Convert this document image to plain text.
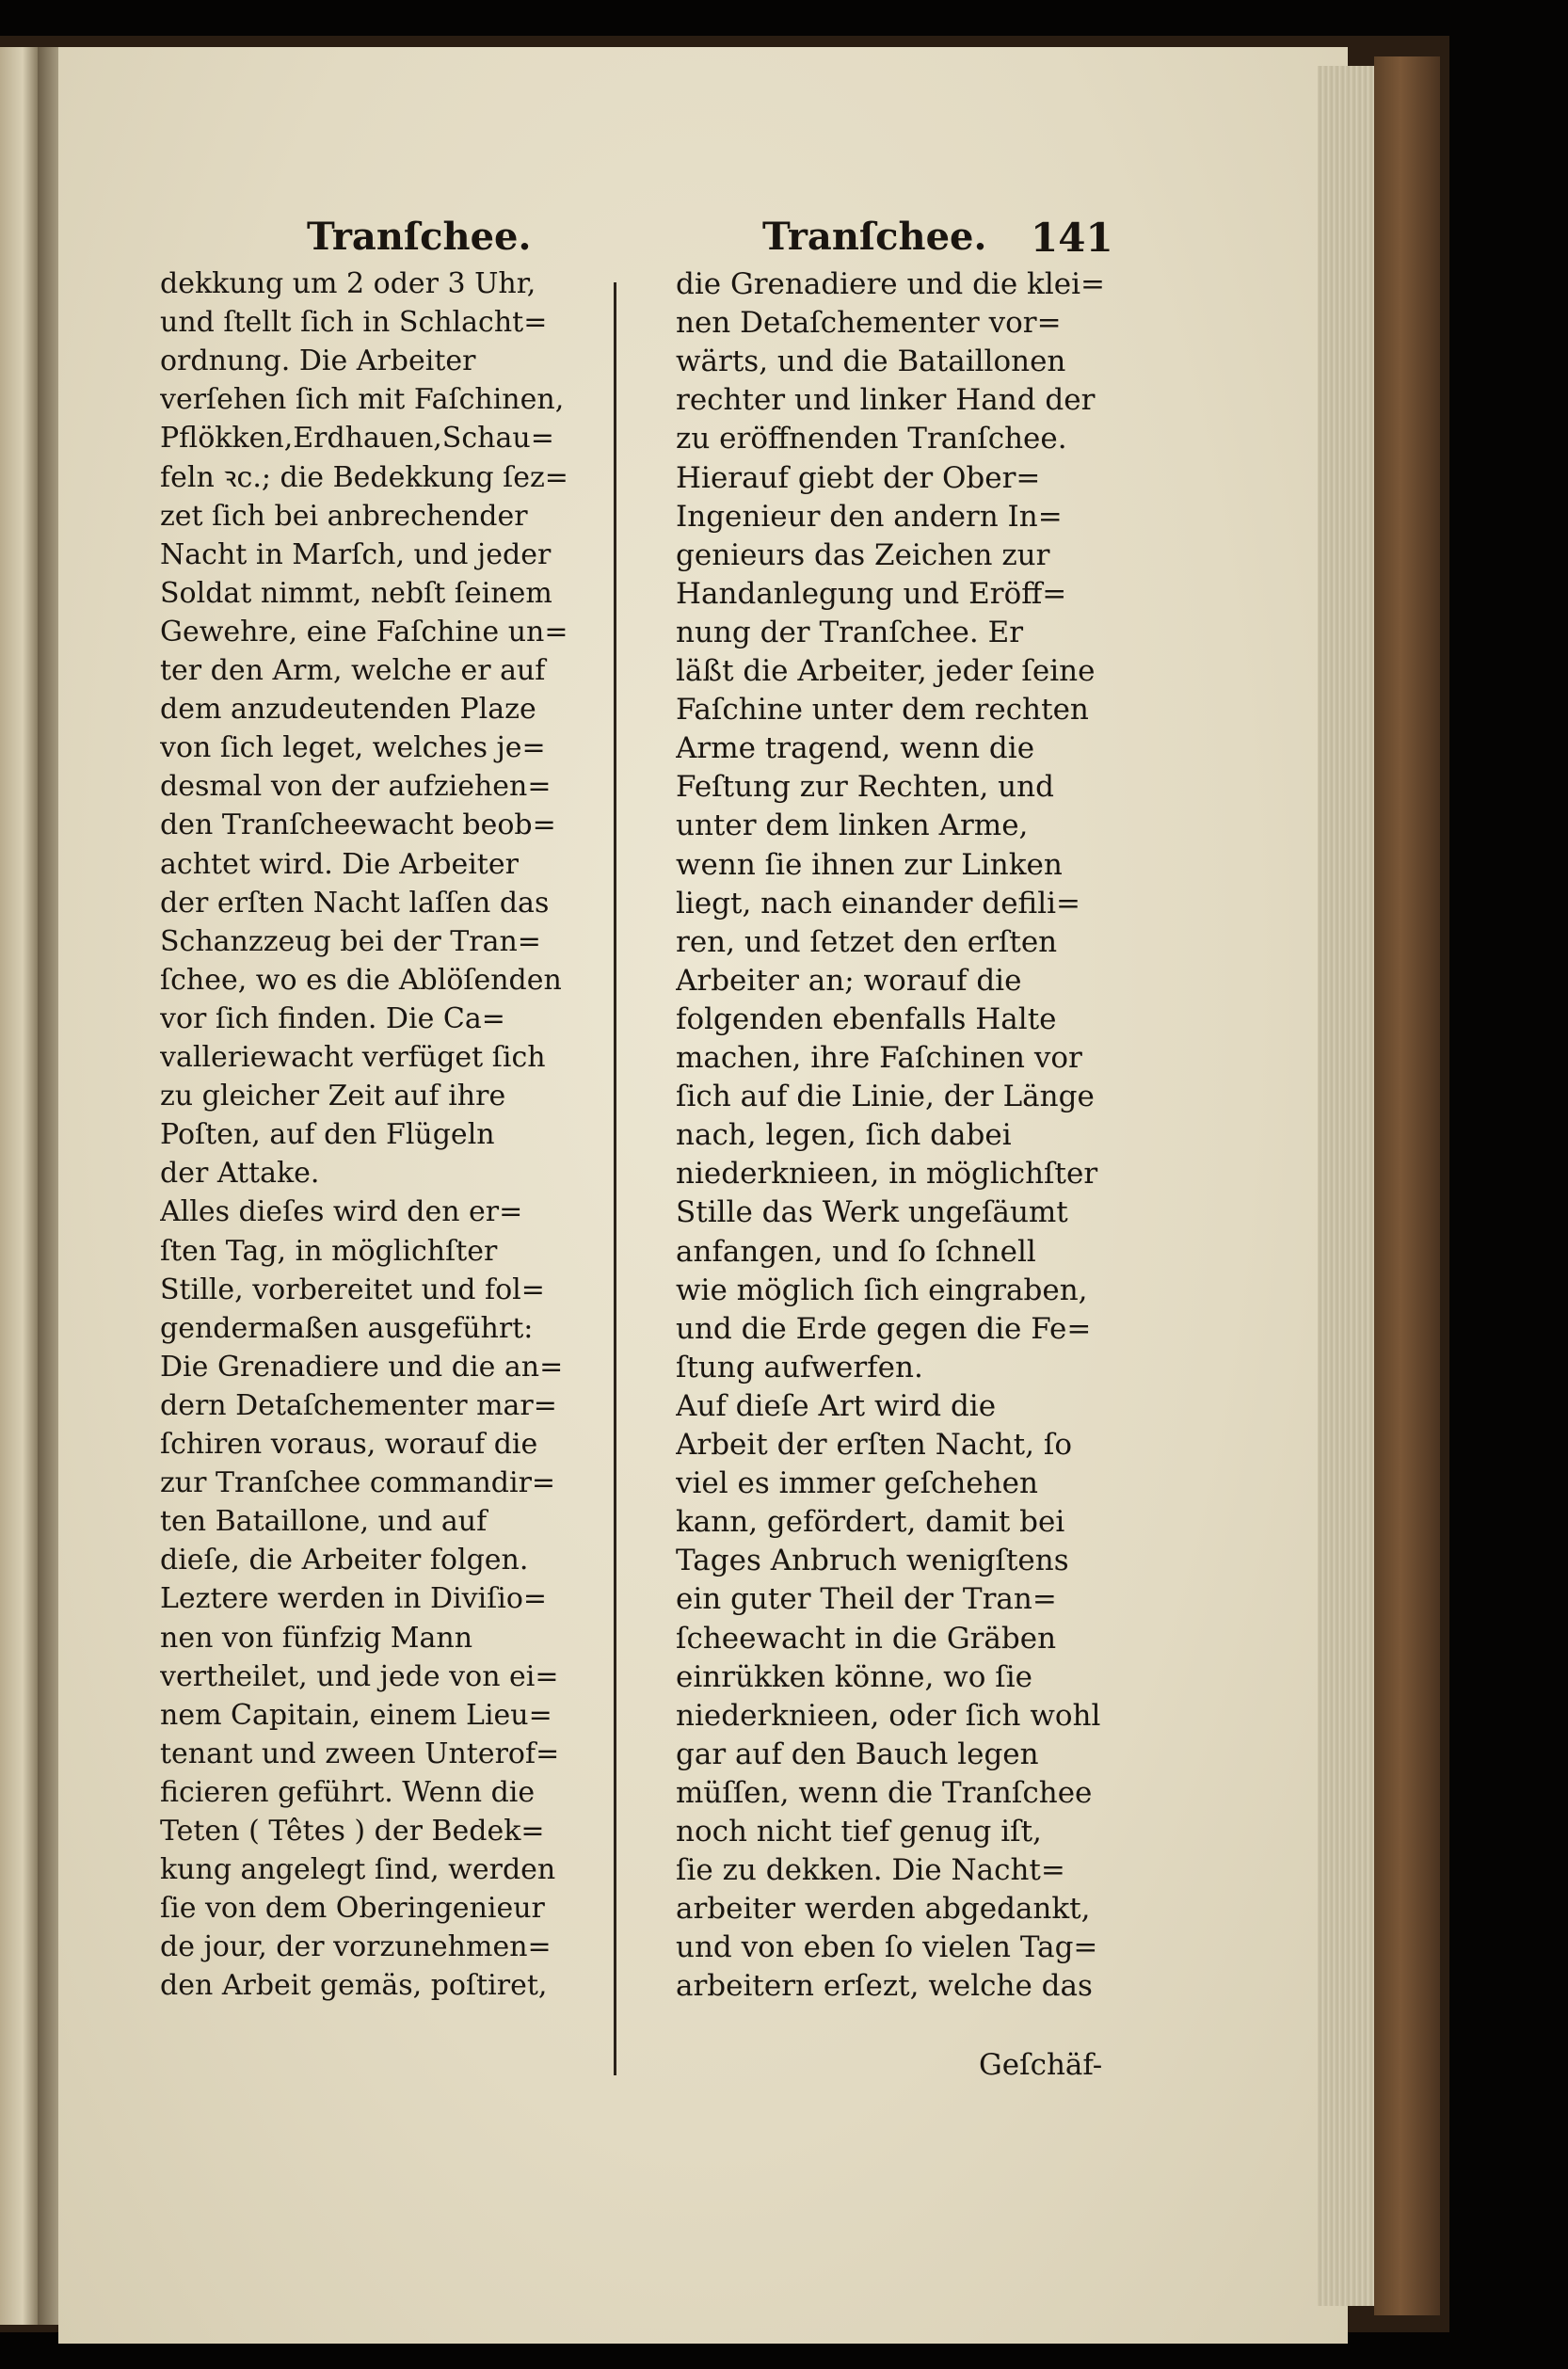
Tranſchee.	Tranſchee. 141
dekkung um 2 oder 3 Uhr,
und ſtellt ſich in Schlacht=
ordnung. Die Arbeiter
verſehen ſich mit Faſchinen,
Pflökken,Erdhauen,Schau=
feln ꝛc.; die Bedekkung ſez=
zet ſich bei anbrechender
Nacht in Marſch, und jeder
Soldat nimmt, nebſt ſeinem
Gewehre, eine Faſchine un=
ter den Arm, welche er auf
dem anzudeutenden Plaze
von ſich leget, welches je=
desmal von der aufziehen=
den Tranſcheewacht beob=
achtet wird. Die Arbeiter
der erſten Nacht laſſen das
Schanzzeug bei der Tran=
ſchee, wo es die Ablöſenden
vor ſich finden. Die Ca=
valleriewacht verfüget ſich
zu gleicher Zeit auf ihre
Poſten, auf den Flügeln
der Attake.
Alles dieſes wird den er=
ſten Tag, in möglichſter
Stille, vorbereitet und fol=
gendermaßen ausgeführt:
Die Grenadiere und die an=
dern Detaſchementer mar=
ſchiren voraus, worauf die
zur Tranſchee commandir=
ten Bataillone, und auf
dieſe, die Arbeiter folgen.
Leztere werden in Diviſio=
nen von fünfzig Mann
vertheilet, und jede von ei=
nem Capitain, einem Lieu=
tenant und zween Unterof=
ficieren geführt. Wenn die
Teten ( Têtes ) der Bedek=
kung angelegt ſind, werden
ſie von dem Oberingenieur
de jour, der vorzunehmen=
den Arbeit gemäs, poſtiret,
die Grenadiere und die klei=
nen Detaſchementer vor=
wärts, und die Bataillonen
rechter und linker Hand der
zu eröffnenden Tranſchee.
Hierauf giebt der Ober=
Ingenieur den andern In=
genieurs das Zeichen zur
Handanlegung und Eröff=
nung der Tranſchee. Er
läßt die Arbeiter, jeder ſeine
Faſchine unter dem rechten
Arme tragend, wenn die
Feſtung zur Rechten, und
unter dem linken Arme,
wenn ſie ihnen zur Linken
liegt, nach einander defili=
ren, und ſetzet den erſten
Arbeiter an; worauf die
folgenden ebenfalls Halte
machen, ihre Faſchinen vor
ſich auf die Linie, der Länge
nach, legen, ſich dabei
niederknieen, in möglichſter
Stille das Werk ungeſäumt
anfangen, und ſo ſchnell
wie möglich ſich eingraben,
und die Erde gegen die Fe=
ſtung aufwerfen.
Auf dieſe Art wird die
Arbeit der erſten Nacht, ſo
viel es immer geſchehen
kann, gefördert, damit bei
Tages Anbruch wenigſtens
ein guter Theil der Tran=
ſcheewacht in die Gräben
einrükken könne, wo ſie
niederknieen, oder ſich wohl
gar auf den Bauch legen
müſſen, wenn die Tranſchee
noch nicht tief genug iſt,
ſie zu dekken. Die Nacht=
arbeiter werden abgedankt,
und von eben ſo vielen Tag=
arbeitern erſezt, welche das
Geſchäf-
